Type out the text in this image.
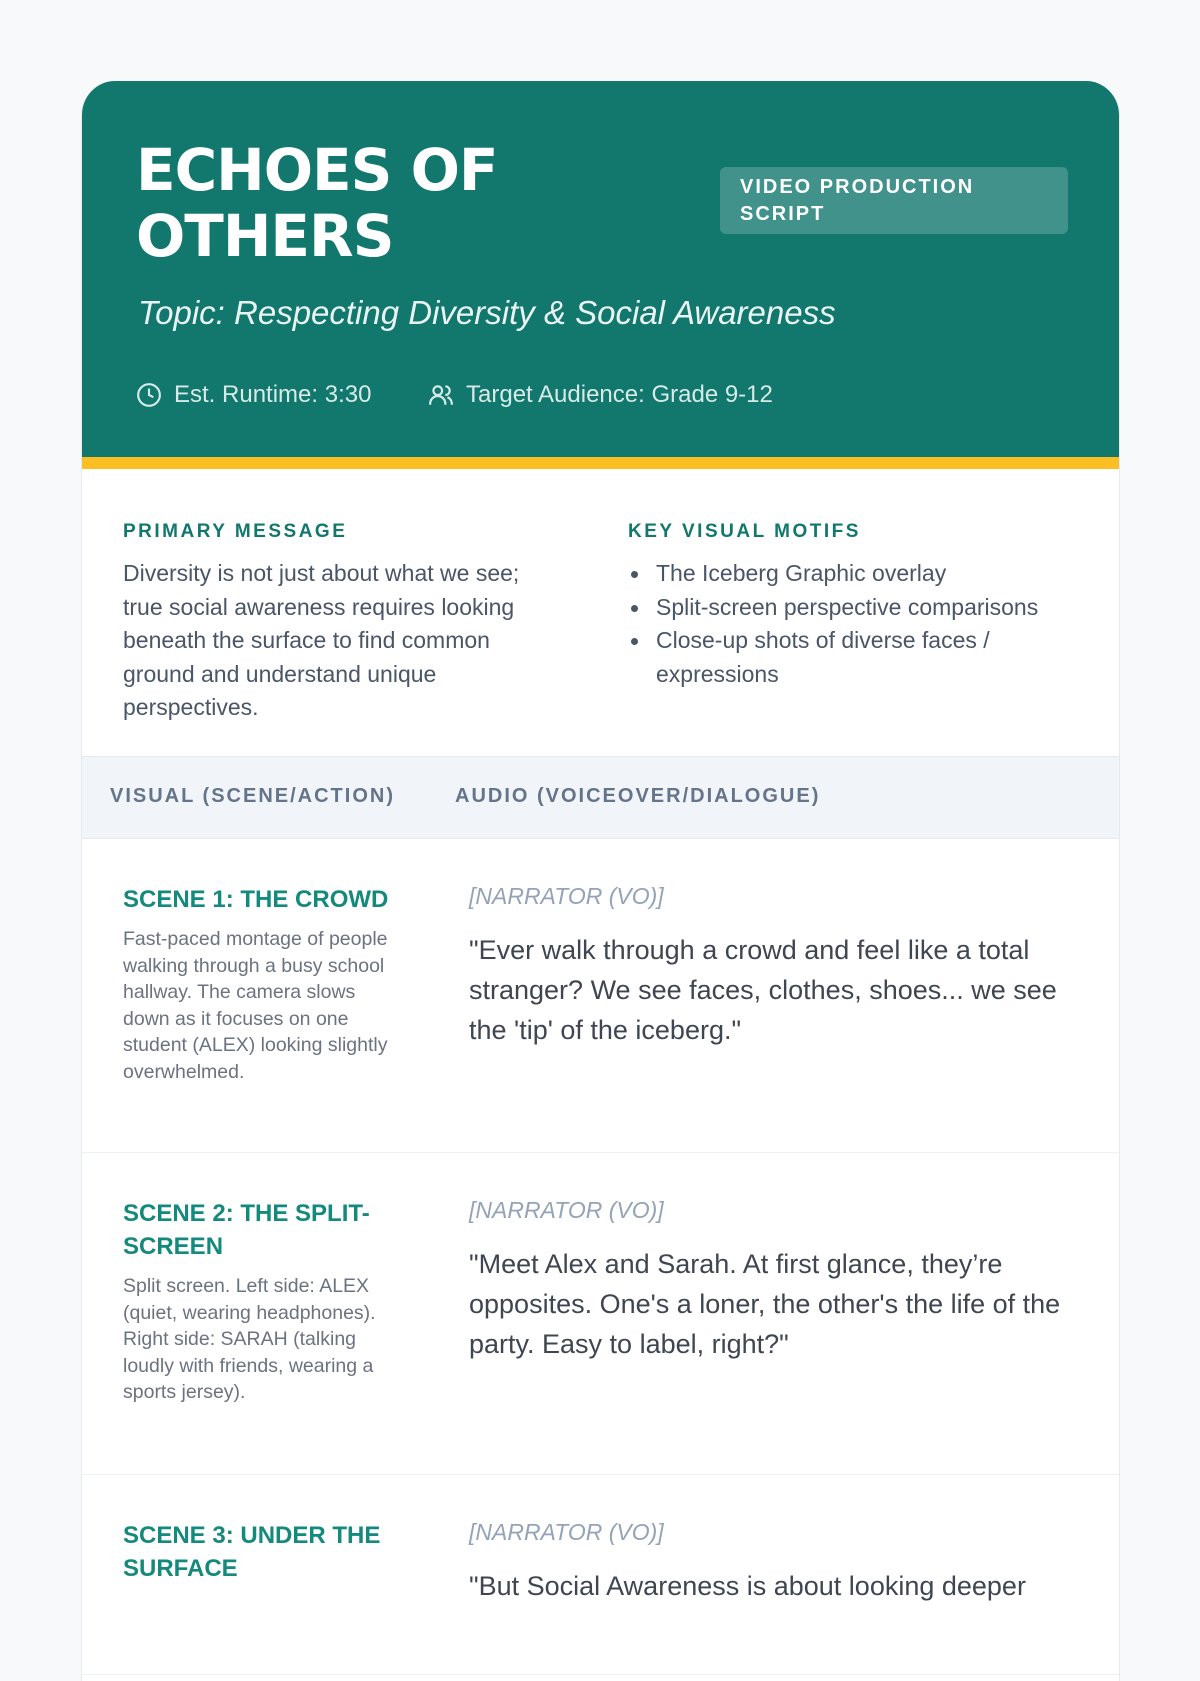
ECHOES OF OTHERS
VIDEO PRODUCTION SCRIPT
Topic: Respecting Diversity & Social Awareness
Est. Runtime: 3:30	Target Audience: Grade 9-12
PRIMARY MESSAGE
Diversity is not just about what we see; true social awareness requires looking beneath the surface to find common ground and understand unique perspectives.
KEY VISUAL MOTIFS
The Iceberg Graphic overlay
Split-screen perspective comparisons
Close-up shots of diverse faces / expressions
VISUAL (SCENE/ACTION)	AUDIO (VOICEOVER/DIALOGUE)
SCENE 1: THE CROWD
Fast-paced montage of people walking through a busy school hallway. The camera slows down as it focuses on one student (ALEX) looking slightly overwhelmed.
[NARRATOR (VO)]
"Ever walk through a crowd and feel like a total stranger? We see faces, clothes, shoes... we see the 'tip' of the iceberg."
SCENE 2: THE SPLIT-SCREEN
Split screen. Left side: ALEX (quiet, wearing headphones). Right side: SARAH (talking loudly with friends, wearing a sports jersey).
[NARRATOR (VO)]
"Meet Alex and Sarah. At first glance, they’re opposites. One's a loner, the other's the life of the party. Easy to label, right?"
SCENE 3: UNDER THE SURFACE
[NARRATOR (VO)]
"But Social Awareness is about looking deeper
